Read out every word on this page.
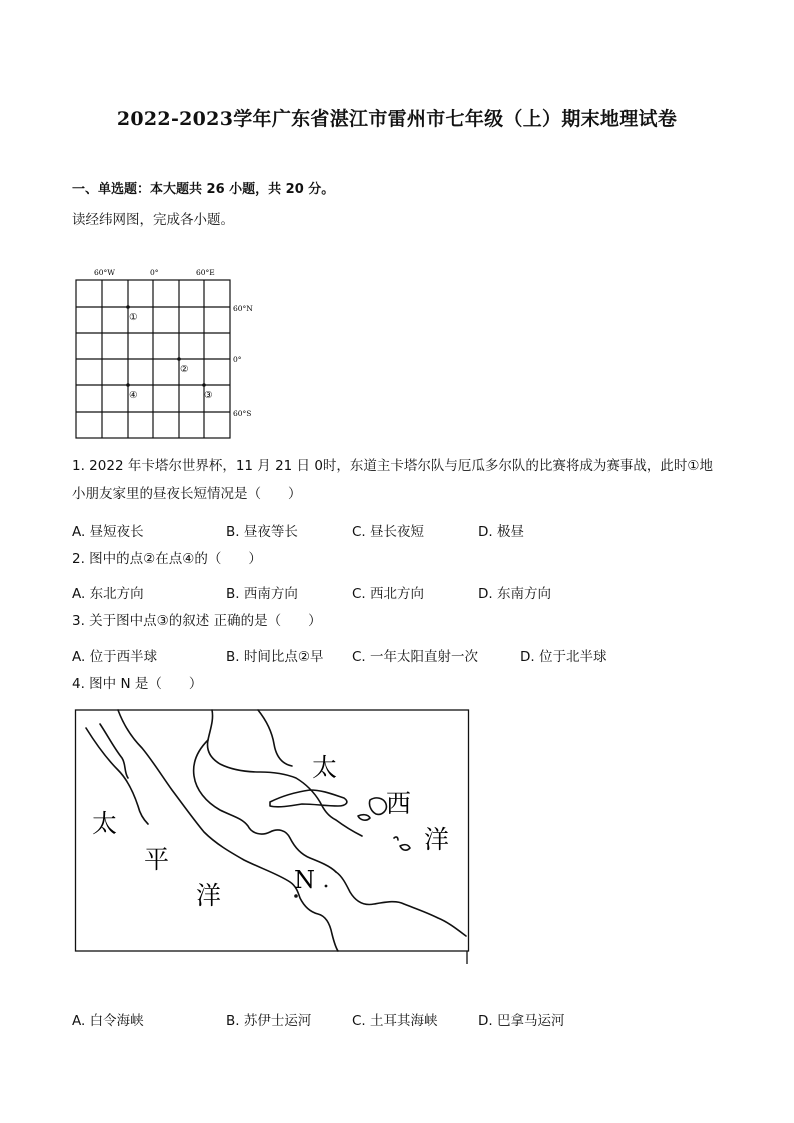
2022-2023学年广东省湛江市雷州市七年级（上）期末地理试卷
一、单选题：本大题共 26 小题，共 20 分。
读经纬网图，完成各小题。
60°W	0°	60°E
60°N
0°
60°S
①
②
③
④
1. 2022 年卡塔尔世界杯，11 月 21 日 0时，东道主卡塔尔队与厄瓜多尔队的比赛将成为赛事战，此时①地
小朋友家里的昼夜长短情况是（　　）
A. 昼短夜长	B. 昼夜等长	C. 昼长夜短	D. 极昼
2. 图中的点②在点④的（　　）
A. 东北方向	B. 西南方向	C. 西北方向	D. 东南方向
3. 关于图中点③的叙述 正确的是（　　）
A. 位于西半球	B. 时间比点②早 C. 一年太阳直射一次	D. 位于北半球
4. 图中 N 是（　　）
太
西
洋
太
平
洋
N
A. 白令海峡	B. 苏伊士运河	C. 土耳其海峡	D. 巴拿马运河
